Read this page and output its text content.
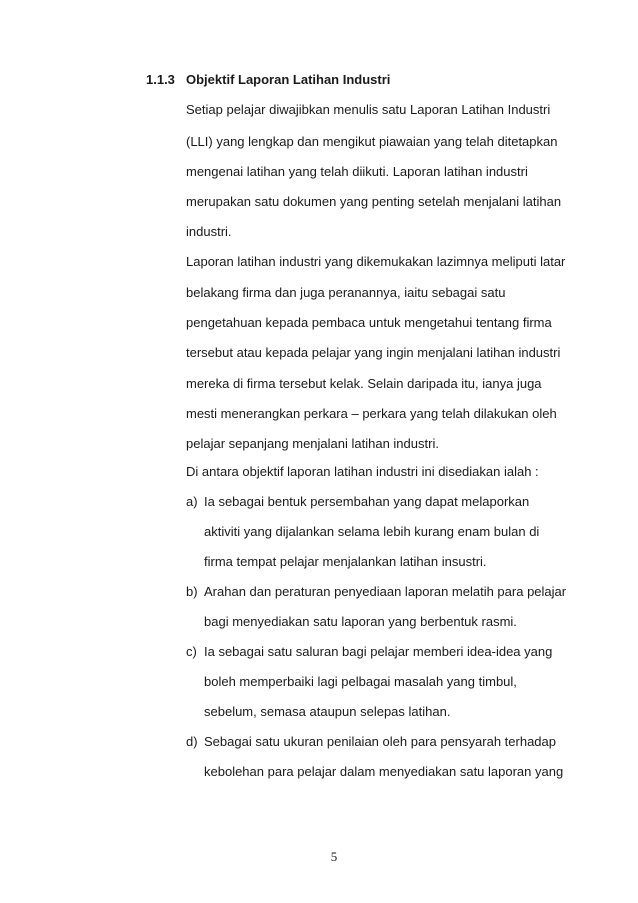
1.1.3 Objektif Laporan Latihan Industri
Setiap pelajar diwajibkan menulis satu Laporan Latihan Industri
(LLI) yang lengkap dan mengikut piawaian yang telah ditetapkan
mengenai latihan yang telah diikuti. Laporan latihan industri
merupakan satu dokumen yang penting setelah menjalani latihan
industri.
Laporan latihan industri yang dikemukakan lazimnya meliputi latar
belakang firma dan juga peranannya, iaitu sebagai satu
pengetahuan kepada pembaca untuk mengetahui tentang firma
tersebut atau kepada pelajar yang ingin menjalani latihan industri
mereka di firma tersebut kelak. Selain daripada itu, ianya juga
mesti menerangkan perkara – perkara yang telah dilakukan oleh
pelajar sepanjang menjalani latihan industri.
Di antara objektif laporan latihan industri ini disediakan ialah :
a) Ia sebagai bentuk persembahan yang dapat melaporkan
aktiviti yang dijalankan selama lebih kurang enam bulan di
firma tempat pelajar menjalankan latihan insustri.
b) Arahan dan peraturan penyediaan laporan melatih para pelajar
bagi menyediakan satu laporan yang berbentuk rasmi.
c) Ia sebagai satu saluran bagi pelajar memberi idea-idea yang
boleh memperbaiki lagi pelbagai masalah yang timbul,
sebelum, semasa ataupun selepas latihan.
d) Sebagai satu ukuran penilaian oleh para pensyarah terhadap
kebolehan para pelajar dalam menyediakan satu laporan yang
5
